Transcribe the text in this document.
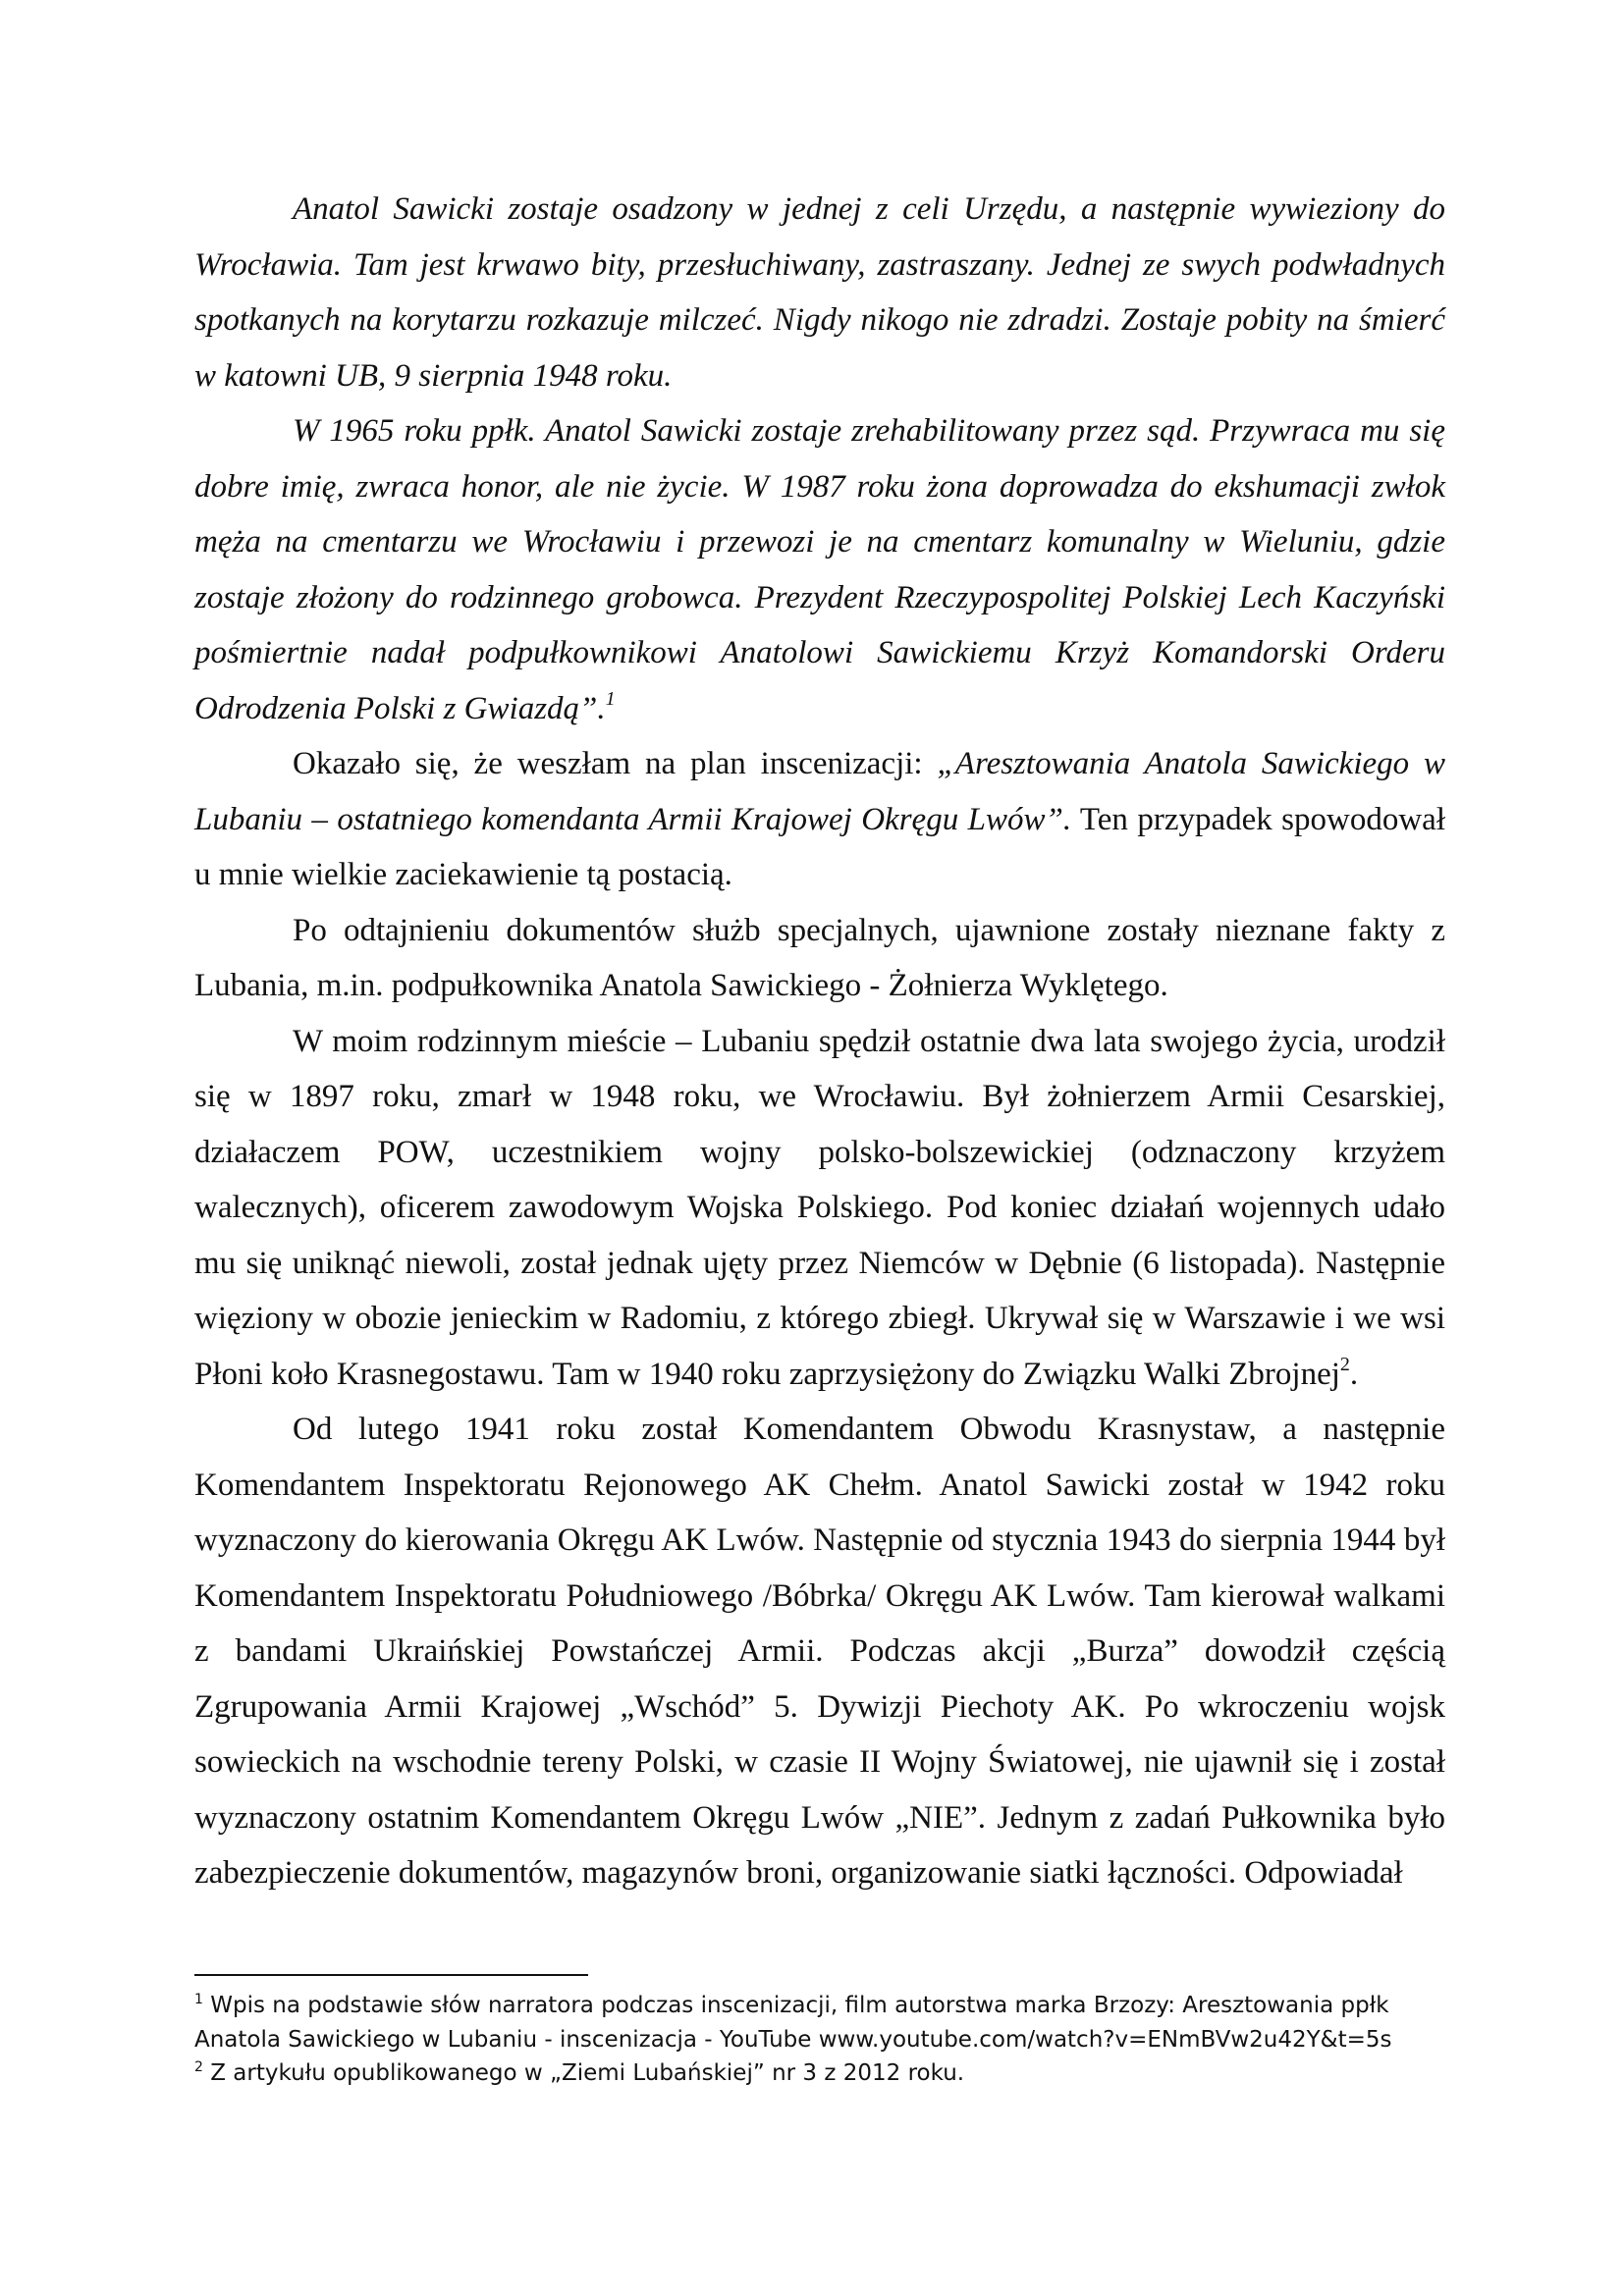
Anatol Sawicki zostaje osadzony w jednej z celi Urzędu, a następnie wywieziony do Wrocławia. Tam jest krwawo bity, przesłuchiwany, zastraszany. Jednej ze swych podwładnych spotkanych na korytarzu rozkazuje milczeć. Nigdy nikogo nie zdradzi. Zostaje pobity na śmierć w katowni UB, 9 sierpnia 1948 roku.

W 1965 roku ppłk. Anatol Sawicki zostaje zrehabilitowany przez sąd. Przywraca mu się dobre imię, zwraca honor, ale nie życie. W 1987 roku żona doprowadza do ekshumacji zwłok męża na cmentarzu we Wrocławiu i przewozi je na cmentarz komunalny w Wieluniu, gdzie zostaje złożony do rodzinnego grobowca. Prezydent Rzeczypospolitej Polskiej Lech Kaczyński pośmiertnie nadał podpułkownikowi Anatolowi Sawickiemu Krzyż Komandorski Orderu Odrodzenia Polski z Gwiazdą”.$^1$

Okazało się, że weszłam na plan inscenizacji: „Aresztowania Anatola Sawickiego w Lubaniu – ostatniego komendanta Armii Krajowej Okręgu Lwów”. Ten przypadek spowodował u mnie wielkie zaciekawienie tą postacią.

Po odtajnieniu dokumentów służb specjalnych, ujawnione zostały nieznane fakty z Lubania, m.in. podpułkownika Anatola Sawickiego - Żołnierza Wyklętego.

W moim rodzinnym mieście – Lubaniu spędził ostatnie dwa lata swojego życia, urodził się w 1897 roku, zmarł w 1948 roku, we Wrocławiu. Był żołnierzem Armii Cesarskiej, działaczem POW, uczestnikiem wojny polsko-bolszewickiej (odznaczony krzyżem walecznych), oficerem zawodowym Wojska Polskiego. Pod koniec działań wojennych udało mu się uniknąć niewoli, został jednak ujęty przez Niemców w Dębnie (6 listopada). Następnie więziony w obozie jenieckim w Radomiu, z którego zbiegł. Ukrywał się w Warszawie i we wsi Płoni koło Krasnegostawu. Tam w 1940 roku zaprzysiężony do Związku Walki Zbrojnej$^2$.

Od lutego 1941 roku został Komendantem Obwodu Krasnystaw, a następnie Komendantem Inspektoratu Rejonowego AK Chełm. Anatol Sawicki został w 1942 roku wyznaczony do kierowania Okręgu AK Lwów. Następnie od stycznia 1943 do sierpnia 1944 był Komendantem Inspektoratu Południowego /Bóbrka/ Okręgu AK Lwów. Tam kierował walkami z bandami Ukraińskiej Powstańczej Armii. Podczas akcji „Burza” dowodził częścią Zgrupowania Armii Krajowej „Wschód” 5. Dywizji Piechoty AK. Po wkroczeniu wojsk sowieckich na wschodnie tereny Polski, w czasie II Wojny Światowej, nie ujawnił się i został wyznaczony ostatnim Komendantem Okręgu Lwów „NIE”. Jednym z zadań Pułkownika było zabezpieczenie dokumentów, magazynów broni, organizowanie siatki łączności. Odpowiadał

$^1$ Wpis na podstawie słów narratora podczas inscenizacji, film autorstwa marka Brzozy: Aresztowania ppłk Anatola Sawickiego w Lubaniu - inscenizacja - YouTube www.youtube.com/watch?v=ENmBVw2u42Y&t=5s

$^2$ Z artykułu opublikowanego w „Ziemi Lubańskiej” nr 3 z 2012 roku.
